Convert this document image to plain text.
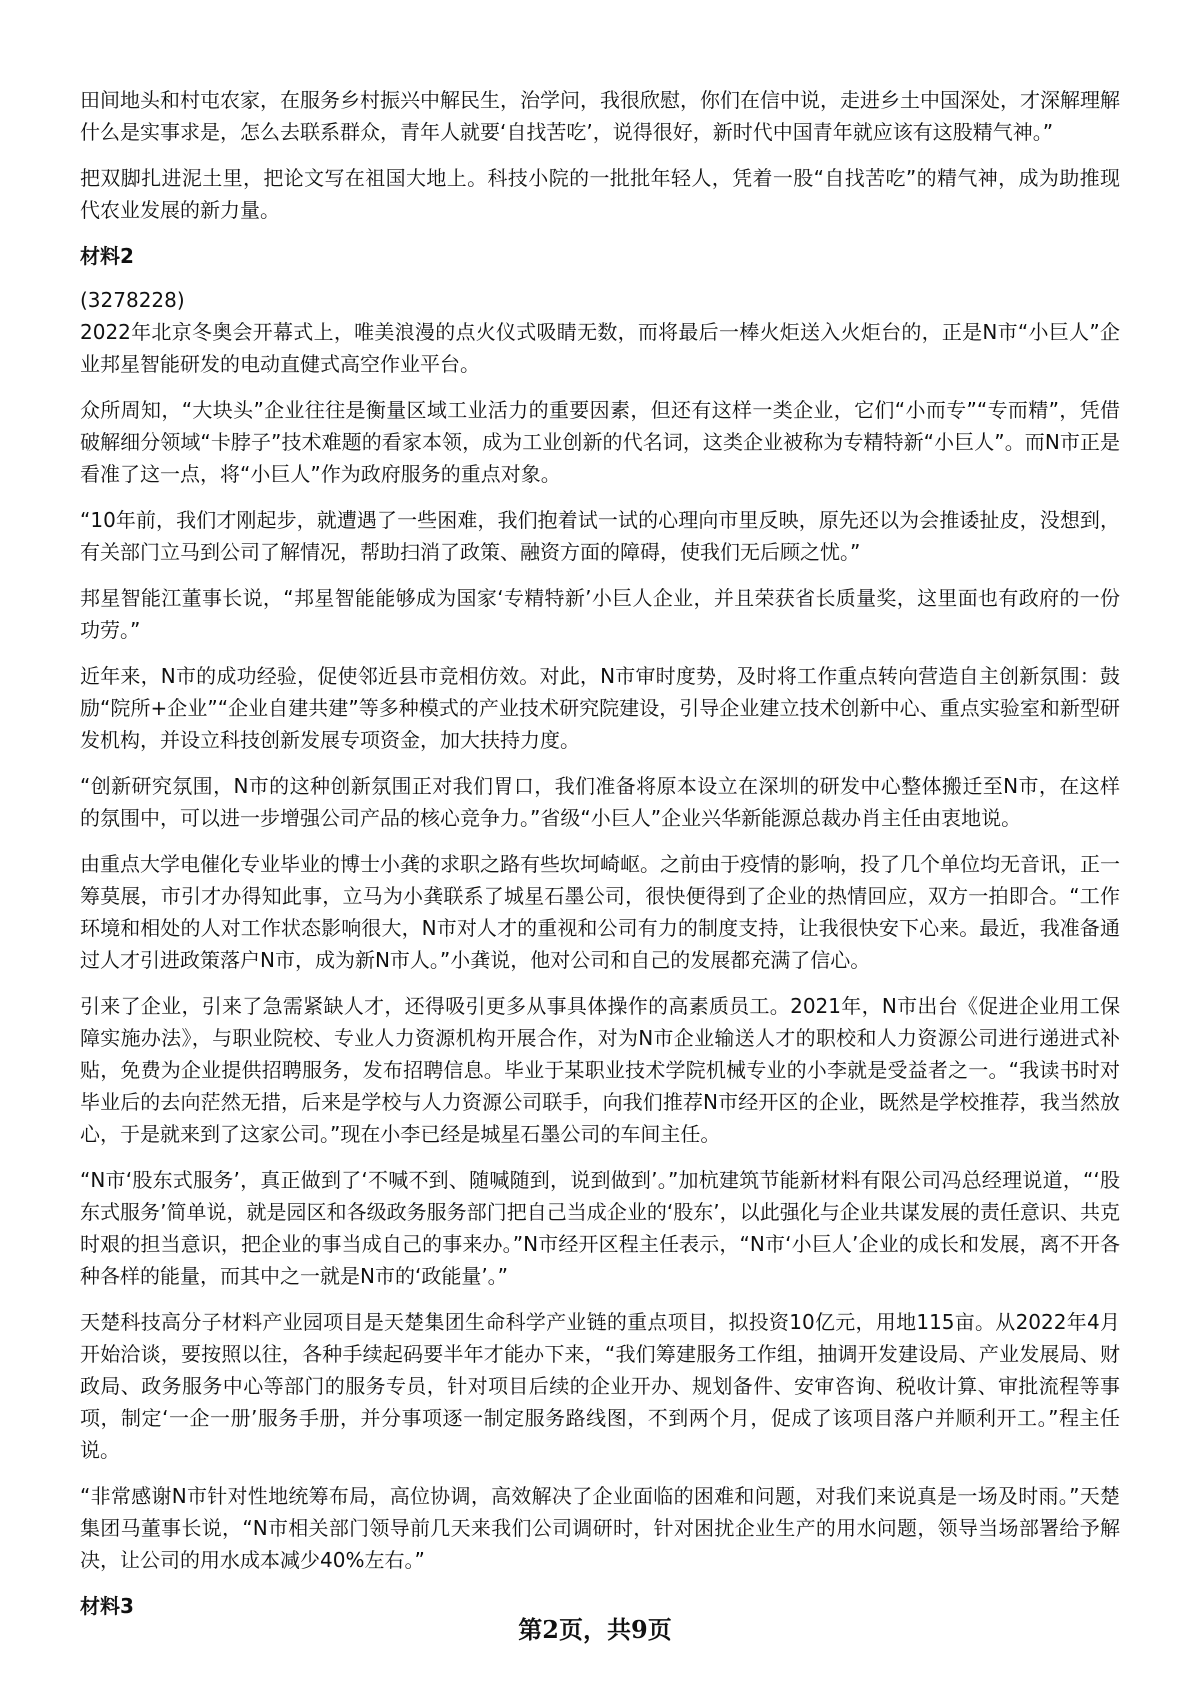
田间地头和村屯农家，在服务乡村振兴中解民生，治学问，我很欣慰，你们在信中说，走进乡土中国深处，才深解理解什么是实事求是，怎么去联系群众，青年人就要‘自找苦吃’，说得很好，新时代中国青年就应该有这股精气神。”

把双脚扎进泥土里，把论文写在祖国大地上。科技小院的一批批年轻人，凭着一股“自找苦吃”的精气神，成为助推现代农业发展的新力量。

材料2
(3278228)

2022年北京冬奥会开幕式上，唯美浪漫的点火仪式吸睛无数，而将最后一棒火炬送入火炬台的，正是N市“小巨人”企业邦星智能研发的电动直健式高空作业平台。

众所周知，“大块头”企业往往是衡量区域工业活力的重要因素，但还有这样一类企业，它们“小而专”“专而精”，凭借破解细分领域“卡脖子”技术难题的看家本领，成为工业创新的代名词，这类企业被称为专精特新“小巨人”。而N市正是看准了这一点，将“小巨人”作为政府服务的重点对象。

“10年前，我们才刚起步，就遭遇了一些困难，我们抱着试一试的心理向市里反映，原先还以为会推诿扯皮，没想到，有关部门立马到公司了解情况，帮助扫消了政策、融资方面的障碍，使我们无后顾之忧。”

邦星智能江董事长说，“邦星智能能够成为国家‘专精特新’小巨人企业，并且荣获省长质量奖，这里面也有政府的一份功劳。”

近年来，N市的成功经验，促使邻近县市竞相仿效。对此，N市审时度势，及时将工作重点转向营造自主创新氛围：鼓励“院所+企业”“企业自建共建”等多种模式的产业技术研究院建设，引导企业建立技术创新中心、重点实验室和新型研发机构，并设立科技创新发展专项资金，加大扶持力度。

“创新研究氛围，N市的这种创新氛围正对我们胃口，我们准备将原本设立在深圳的研发中心整体搬迁至N市，在这样的氛围中，可以进一步增强公司产品的核心竞争力。”省级“小巨人”企业兴华新能源总裁办肖主任由衷地说。

由重点大学电催化专业毕业的博士小龚的求职之路有些坎坷崎岖。之前由于疫情的影响，投了几个单位均无音讯，正一筹莫展，市引才办得知此事，立马为小龚联系了城星石墨公司，很快便得到了企业的热情回应，双方一拍即合。“工作环境和相处的人对工作状态影响很大，N市对人才的重视和公司有力的制度支持，让我很快安下心来。最近，我准备通过人才引进政策落户N市，成为新N市人。”小龚说，他对公司和自己的发展都充满了信心。

引来了企业，引来了急需紧缺人才，还得吸引更多从事具体操作的高素质员工。2021年，N市出台《促进企业用工保障实施办法》，与职业院校、专业人力资源机构开展合作，对为N市企业输送人才的职校和人力资源公司进行递进式补贴，免费为企业提供招聘服务，发布招聘信息。毕业于某职业技术学院机械专业的小李就是受益者之一。“我读书时对毕业后的去向茫然无措，后来是学校与人力资源公司联手，向我们推荐N市经开区的企业，既然是学校推荐，我当然放心，于是就来到了这家公司。”现在小李已经是城星石墨公司的车间主任。

“N市‘股东式服务’，真正做到了‘不喊不到、随喊随到，说到做到’。”加杭建筑节能新材料有限公司冯总经理说道，“‘股东式服务’简单说，就是园区和各级政务服务部门把自己当成企业的‘股东’，以此强化与企业共谋发展的责任意识、共克时艰的担当意识，把企业的事当成自己的事来办。”N市经开区程主任表示，“N市‘小巨人’企业的成长和发展，离不开各种各样的能量，而其中之一就是N市的‘政能量’。”

天楚科技高分子材料产业园项目是天楚集团生命科学产业链的重点项目，拟投资10亿元，用地115亩。从2022年4月开始洽谈，要按照以往，各种手续起码要半年才能办下来，“我们筹建服务工作组，抽调开发建设局、产业发展局、财政局、政务服务中心等部门的服务专员，针对项目后续的企业开办、规划备件、安审咨询、税收计算、审批流程等事项，制定‘一企一册’服务手册，并分事项逐一制定服务路线图，不到两个月，促成了该项目落户并顺利开工。”程主任说。

“非常感谢N市针对性地统筹布局，高位协调，高效解决了企业面临的困难和问题，对我们来说真是一场及时雨。”天楚集团马董事长说，“N市相关部门领导前几天来我们公司调研时，针对困扰企业生产的用水问题，领导当场部署给予解决，让公司的用水成本减少40%左右。”

材料3
第2页，共9页
